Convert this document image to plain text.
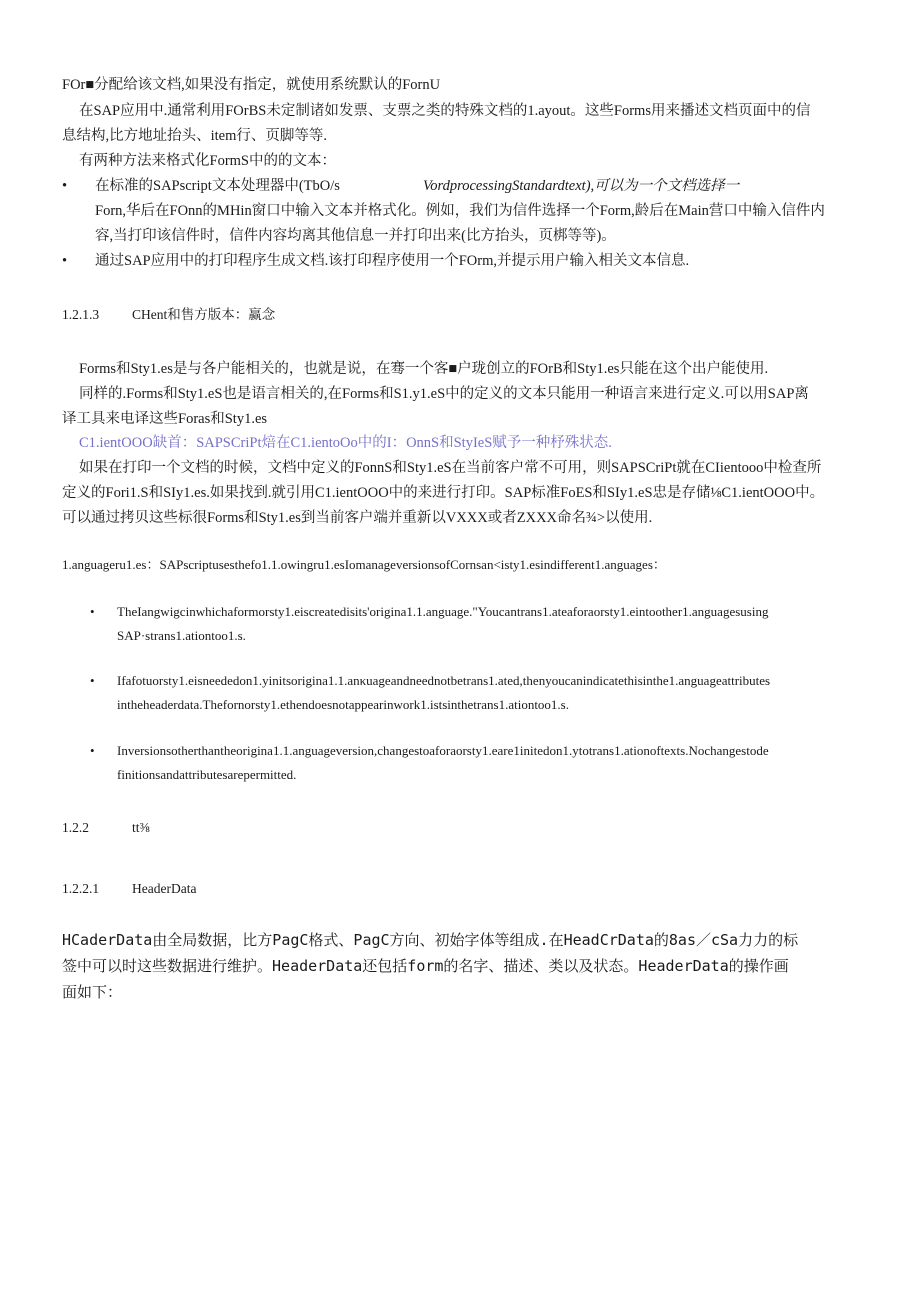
FOr■分配给该文档,如果没有指定，就使用系统默认的FornU
在SAP应用中.通常利用FOrBS未定制诸如发票、支票之类的特殊文档的1.ayout。这些Forms用来播述文档页面中的信
息结构,比方地址抬头、item行、页脚等等.
有两种方法来格式化FormS中的的文本：
• 在标准的SAPscript文本处理器中(TbO/s	VordprocessingStandardtext),可以为一个文档选择一
Forn,华后在FOnn的MHin窗口中输入文本并格式化。例如，我们为信件选择一个Form,龄后在Main营口中输入信件内
容,当打印该信件时，信件内容均离其他信息一并打印出来(比方抬头，页梆等等)。
• 通过SAP应用中的打印程序生成文档.该打印程序使用一个FOrm,并提示用户输入相关文本信息.
1.2.1.3 CHent和售方版本：赢念
Forms和Sty1.es是与各户能相关的，也就是说，在骞一个客■户珑创立的FOrB和Sty1.es只能在这个出户能使用.
同样的.Forms和Sty1.eS也是语言相关的,在Forms和S1.y1.eS中的定义的文本只能用一种语言来进行定义.可以用SAP离
译工具来电译这些Foras和Sty1.es
C1.ientOOO缺首：SAPSCriPt焙在C1.ientoOo中的I：OnnS和StyIeS赋予一种杼殊状态.
如果在打印一个文档的时候，文档中定义的FonnS和Sty1.eS在当前客户常不可用，则SAPSCriPt就在CIientooo中检查所
定义的Fori1.S和SIy1.es.如果找到.就引用C1.ientOOO中的来进行打印。SAP标准FoES和SIy1.eS忠是存储⅛C1.ientOOO中。
可以通过拷贝这些标很Forms和Sty1.es到当前客户端并重新以VXXX或者ZXXX命名¾>以使用.
1.anguageru1.es：SAPscriptusesthefo1.1.owingru1.esIomanageversionsofCornsan<isty1.esindifferent1.anguages：
• TheIangwigcinwhichaformorsty1.eiscreatedisits'origina1.1.anguage."Youcantrans1.ateaforaorsty1.eintoother1.anguagesusing
SAP·strans1.ationtoo1.s.
• Ifafotuorsty1.eisneededon1.yinitsorigina1.1.anκuageandneednotbetrans1.ated,thenyoucanindicatethisinthe1.anguageattributes
intheheaderdata.Thefornorsty1.ethendoesnotappearinwork1.istsinthetrans1.ationtoo1.s.
• Inversionsotherthantheorigina1.1.anguageversion,changestoaforaorsty1.eare1initedon1.ytotrans1.ationoftexts.Nochangestode
finitionsandattributesarepermitted.
1.2.2	tt⅜
1.2.2.1 HeaderData
HCaderData由全局数据，比方PagC格式、PagC方向、初始字体等组成.在HeadCrData的8as／cSa力力的标
签中可以时这些数据进行维护。HeaderData还包括form的名字、描述、类以及状态。HeaderData的操作画
面如下：
